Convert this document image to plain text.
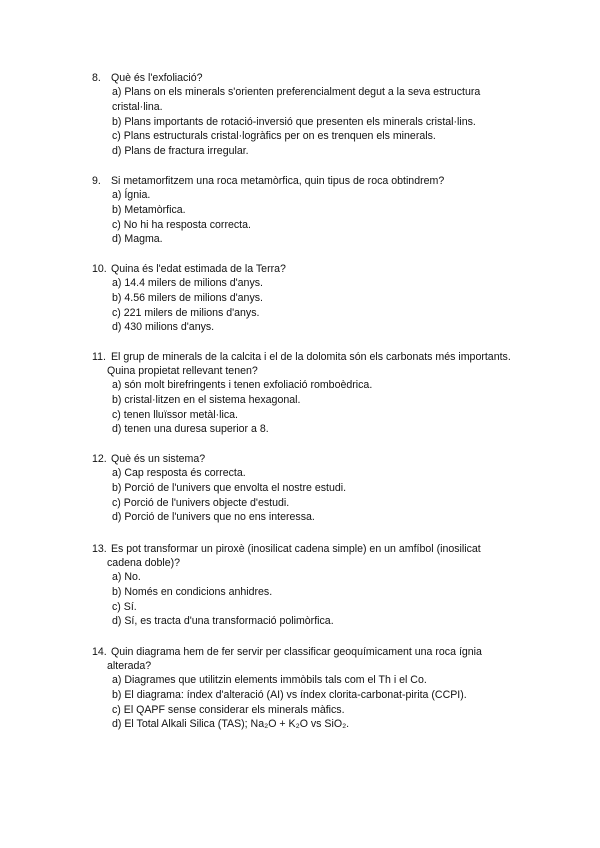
8. Què és l'exfoliació?
a) Plans on els minerals s'orienten preferencialment degut a la seva estructura
cristal·lina.
b) Plans importants de rotació-inversió que presenten els minerals cristal·lins.
c) Plans estructurals cristal·logràfics per on es trenquen els minerals.
d) Plans de fractura irregular.
9. Si metamorfitzem una roca metamòrfica, quin tipus de roca obtindrem?
a) Ígnia.
b) Metamòrfica.
c) No hi ha resposta correcta.
d) Magma.
10. Quina és l'edat estimada de la Terra?
a) 14.4 milers de milions d'anys.
b) 4.56 milers de milions d'anys.
c) 221 milers de milions d'anys.
d) 430 milions d'anys.
11. El grup de minerals de la calcita i el de la dolomita són els carbonats més importants.
Quina propietat rellevant tenen?
a) són molt birefringents i tenen exfoliació romboèdrica.
b) cristal·litzen en el sistema hexagonal.
c) tenen lluïssor metàl·lica.
d) tenen una duresa superior a 8.
12. Què és un sistema?
a) Cap resposta és correcta.
b) Porció de l'univers que envolta el nostre estudi.
c) Porció de l'univers objecte d'estudi.
d) Porció de l'univers que no ens interessa.
13. Es pot transformar un piroxè (inosilicat cadena simple) en un amfíbol (inosilicat
cadena doble)?
a) No.
b) Només en condicions anhidres.
c) Sí.
d) Sí, es tracta d'una transformació polimòrfica.
14. Quin diagrama hem de fer servir per classificar geoquímicament una roca ígnia
alterada?
a) Diagrames que utilitzin elements immòbils tals com el Th i el Co.
b) El diagrama: índex d'alteració (AI) vs índex clorita-carbonat-pirita (CCPI).
c) El QAPF sense considerar els minerals màfics.
d) El Total Alkali Silica (TAS); Na₂O + K₂O vs SiO₂.
